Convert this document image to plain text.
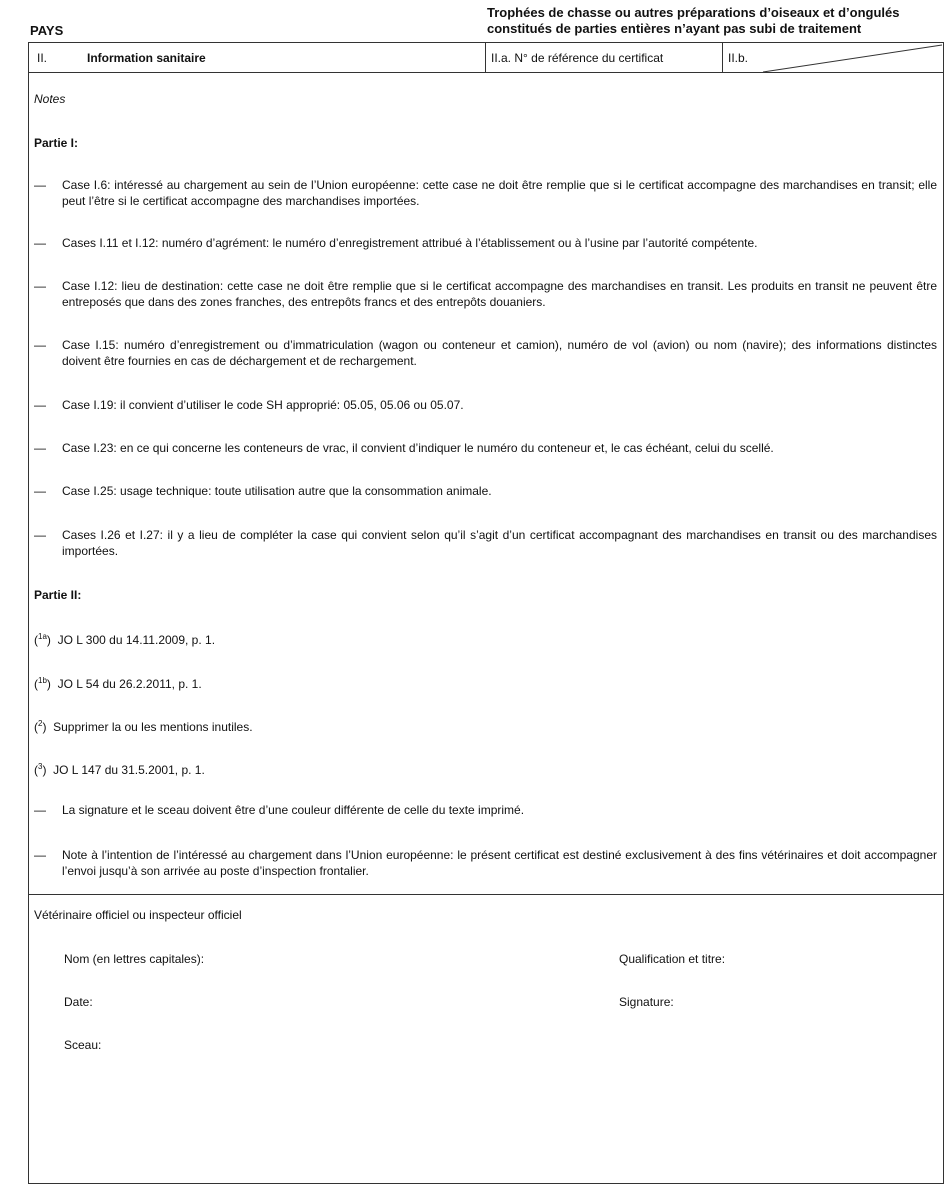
PAYS
Trophées de chasse ou autres préparations d’oiseaux et d’ongulés constitués de parties entières n’ayant pas subi de traitement
II.	Information sanitaire	II.a. N° de référence du certificat	II.b.
Notes
Partie I:
— Case I.6: intéressé au chargement au sein de l’Union européenne: cette case ne doit être remplie que si le certificat accompagne des marchandises en transit; elle peut l’être si le certificat accompagne des marchandises importées.
— Cases I.11 et I.12: numéro d’agrément: le numéro d’enregistrement attribué à l’établissement ou à l’usine par l’autorité compétente.
— Case I.12: lieu de destination: cette case ne doit être remplie que si le certificat accompagne des marchandises en transit. Les produits en transit ne peuvent être entreposés que dans des zones franches, des entrepôts francs et des entrepôts douaniers.
— Case I.15: numéro d’enregistrement ou d’immatriculation (wagon ou conteneur et camion), numéro de vol (avion) ou nom (navire); des informations distinctes doivent être fournies en cas de déchargement et de rechargement.
— Case I.19: il convient d’utiliser le code SH approprié: 05.05, 05.06 ou 05.07.
— Case I.23: en ce qui concerne les conteneurs de vrac, il convient d’indiquer le numéro du conteneur et, le cas échéant, celui du scellé.
— Case I.25: usage technique: toute utilisation autre que la consommation animale.
— Cases I.26 et I.27: il y a lieu de compléter la case qui convient selon qu’il s’agit d’un certificat accompagnant des marchandises en transit ou des marchandises importées.
Partie II:
($^{1a}$)  JO L 300 du 14.11.2009, p. 1.
($^{1b}$)  JO L 54 du 26.2.2011, p. 1.
($^2$)  Supprimer la ou les mentions inutiles.
($^3$)  JO L 147 du 31.5.2001, p. 1.
— La signature et le sceau doivent être d’une couleur différente de celle du texte imprimé.
— Note à l’intention de l’intéressé au chargement dans l’Union européenne: le présent certificat est destiné exclusivement à des fins vétérinaires et doit accompagner l’envoi jusqu’à son arrivée au poste d’inspection frontalier.
Vétérinaire officiel ou inspecteur officiel
Nom (en lettres capitales):	Qualification et titre:
Date:	Signature:
Sceau:
